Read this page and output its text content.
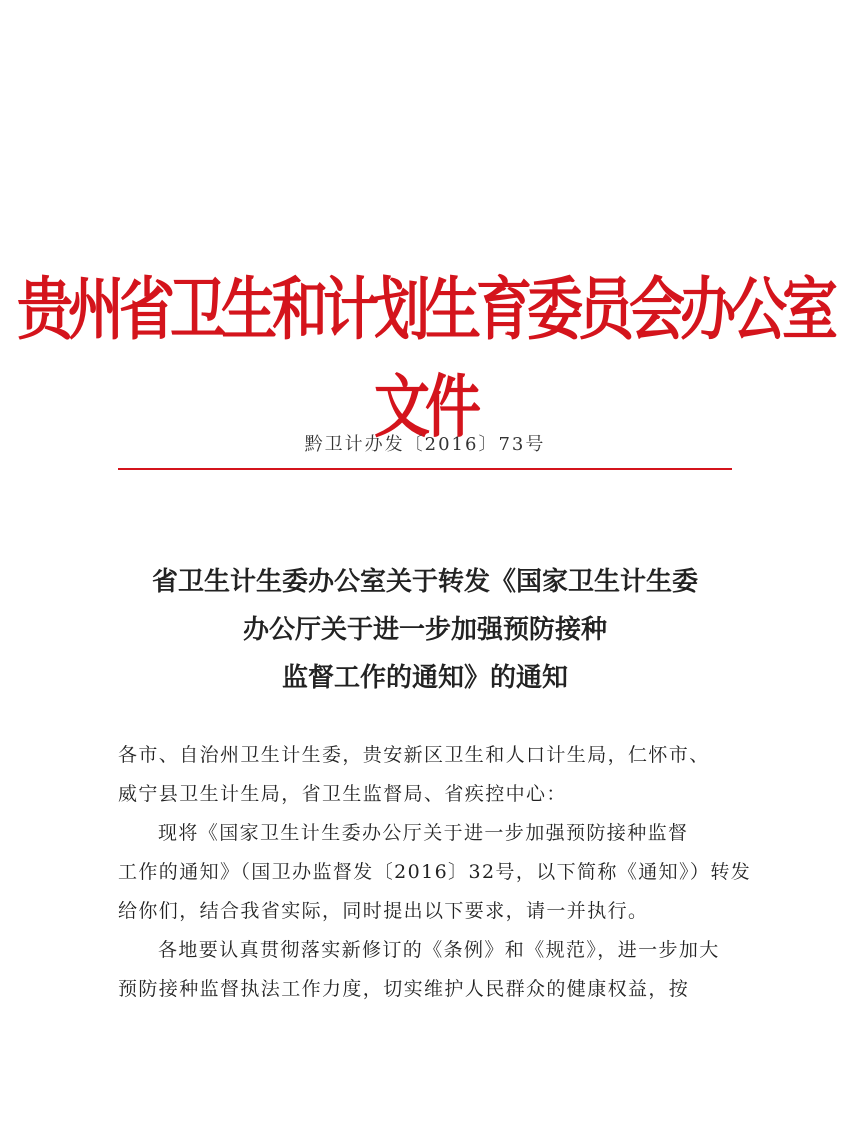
贵州省卫生和计划生育委员会办公室文件
黔卫计办发〔2016〕73号
省卫生计生委办公室关于转发《国家卫生计生委
办公厅关于进一步加强预防接种
监督工作的通知》的通知
各市、自治州卫生计生委，贵安新区卫生和人口计生局，仁怀市、
威宁县卫生计生局，省卫生监督局、省疾控中心：
现将《国家卫生计生委办公厅关于进一步加强预防接种监督
工作的通知》（国卫办监督发〔2016〕32号，以下简称《通知》）转发
给你们，结合我省实际，同时提出以下要求，请一并执行。
各地要认真贯彻落实新修订的《条例》和《规范》，进一步加大
预防接种监督执法工作力度，切实维护人民群众的健康权益，按
